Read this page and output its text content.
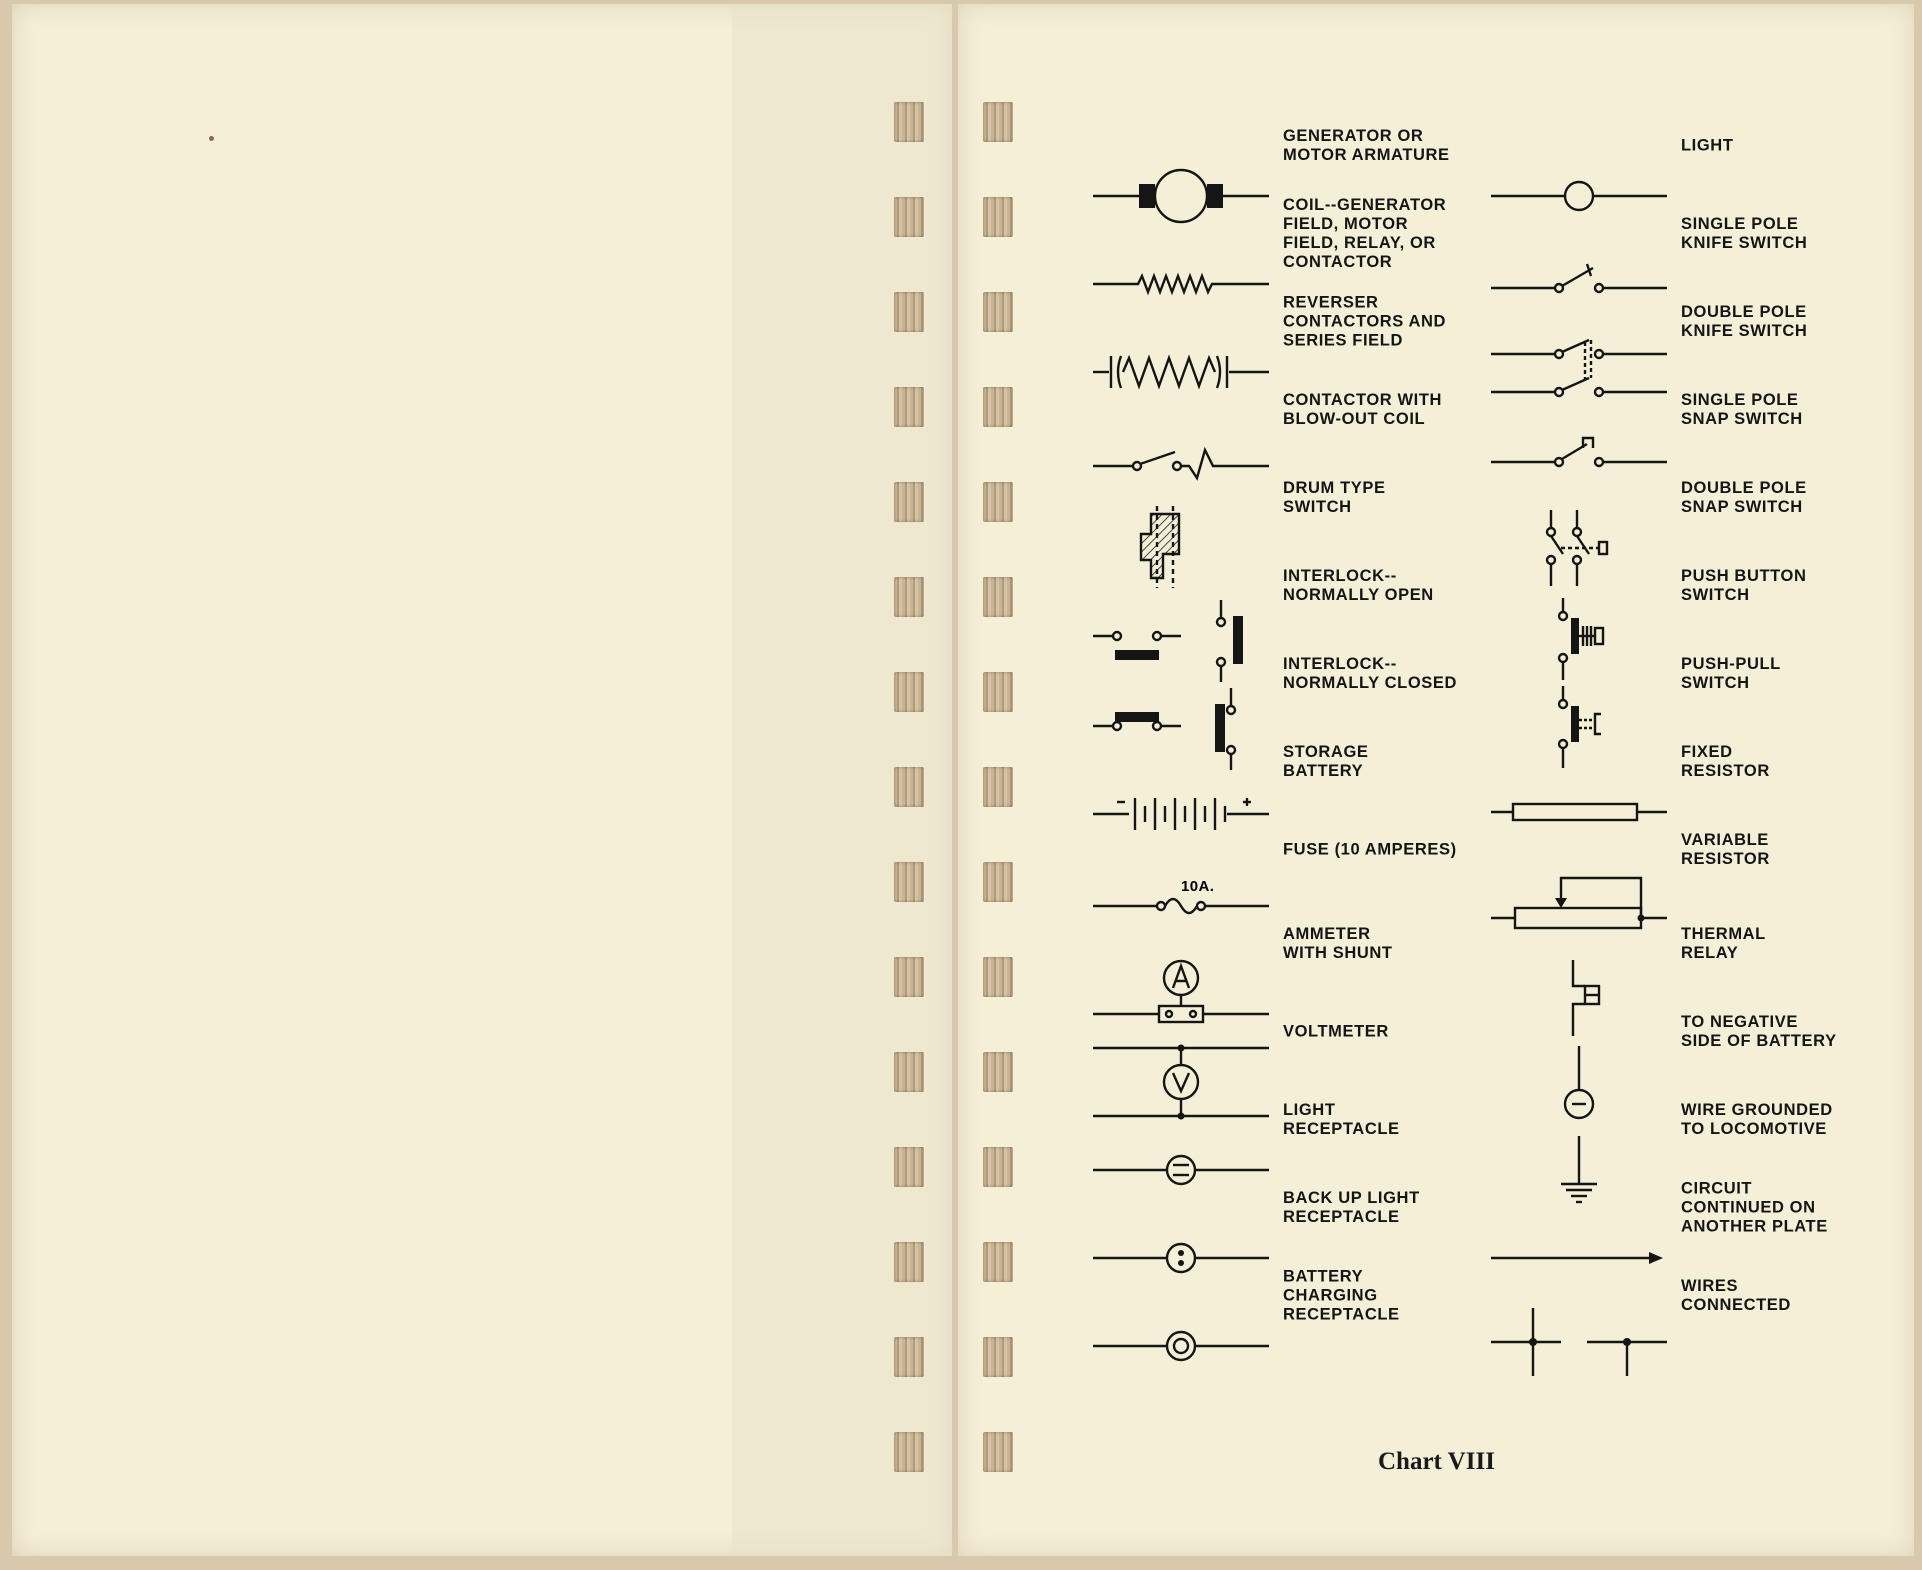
GENERATOR OR
MOTOR ARMATURE
COIL--GENERATOR
FIELD, MOTOR
FIELD, RELAY, OR
CONTACTOR
REVERSER
CONTACTORS AND
SERIES FIELD
CONTACTOR WITH
BLOW-OUT COIL
DRUM TYPE
SWITCH
INTERLOCK--
NORMALLY OPEN
INTERLOCK--
NORMALLY CLOSED
STORAGE
BATTERY
10A.
FUSE (10 AMPERES)
AMMETER
WITH SHUNT
VOLTMETER
LIGHT
RECEPTACLE
BACK UP LIGHT
RECEPTACLE
BATTERY
CHARGING
RECEPTACLE
LIGHT
SINGLE POLE
KNIFE SWITCH
DOUBLE POLE
KNIFE SWITCH
SINGLE POLE
SNAP SWITCH
DOUBLE POLE
SNAP SWITCH
PUSH BUTTON
SWITCH
PUSH-PULL
SWITCH
FIXED
RESISTOR
VARIABLE
RESISTOR
THERMAL
RELAY
TO NEGATIVE
SIDE OF BATTERY
WIRE GROUNDED
TO LOCOMOTIVE
CIRCUIT
CONTINUED ON
ANOTHER PLATE
WIRES
CONNECTED
Chart VIII
